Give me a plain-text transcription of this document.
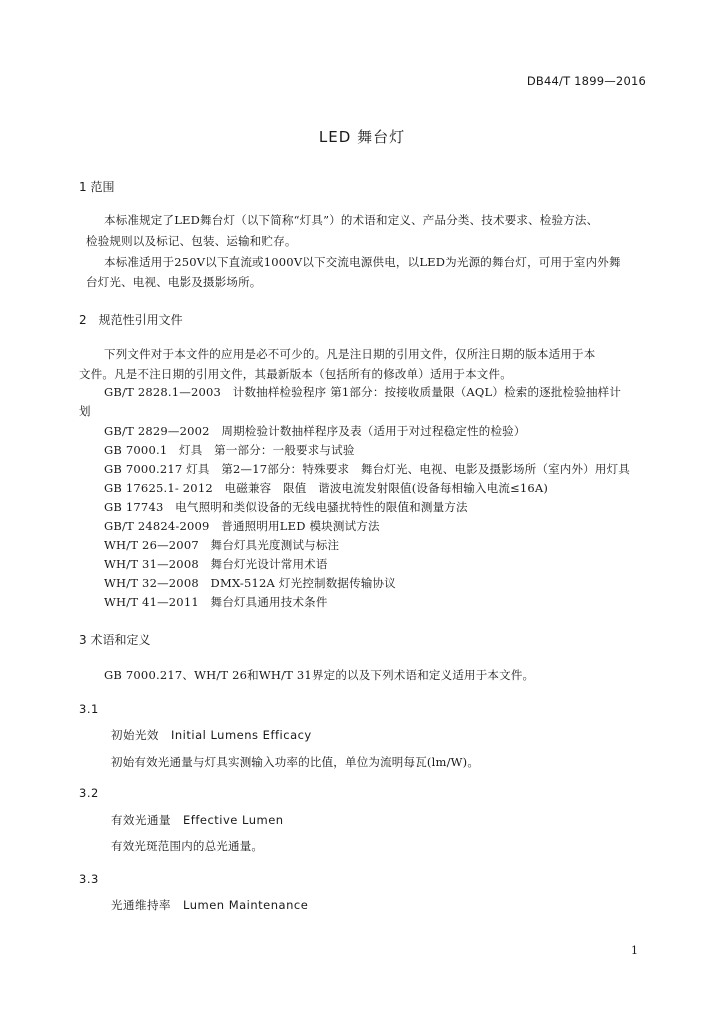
DB44/T 1899—2016
LED 舞台灯
1 范围
本标准规定了LED舞台灯（以下简称“灯具”）的术语和定义、产品分类、技术要求、检验方法、
检验规则以及标记、包装、运输和贮存。
本标准适用于250V以下直流或1000V以下交流电源供电，以LED为光源的舞台灯，可用于室内外舞
台灯光、电视、电影及摄影场所。
2　规范性引用文件
下列文件对于本文件的应用是必不可少的。凡是注日期的引用文件，仅所注日期的版本适用于本
文件。凡是不注日期的引用文件，其最新版本（包括所有的修改单）适用于本文件。
GB/T 2828.1—2003　计数抽样检验程序 第1部分：按接收质量限（AQL）检索的逐批检验抽样计
划
GB/T 2829—2002　周期检验计数抽样程序及表（适用于对过程稳定性的检验）
GB 7000.1　灯具　第一部分：一般要求与试验
GB 7000.217 灯具　第2—17部分：特殊要求　舞台灯光、电视、电影及摄影场所（室内外）用灯具
GB 17625.1- 2012　电磁兼容　限值　谐波电流发射限值(设备每相输入电流≤16A)
GB 17743　电气照明和类似设备的无线电骚扰特性的限值和测量方法
GB/T 24824-2009　普通照明用LED 模块测试方法
WH/T 26—2007　舞台灯具光度测试与标注
WH/T 31—2008　舞台灯光设计常用术语
WH/T 32—2008　DMX-512A 灯光控制数据传输协议
WH/T 41—2011　舞台灯具通用技术条件
3 术语和定义
GB 7000.217、WH/T 26和WH/T 31界定的以及下列术语和定义适用于本文件。
3.1
初始光效　Initial Lumens Efficacy
初始有效光通量与灯具实测输入功率的比值，单位为流明每瓦(lm/W)。
3.2
有效光通量　Effective Lumen
有效光斑范围内的总光通量。
3.3
光通维持率　Lumen Maintenance
1
